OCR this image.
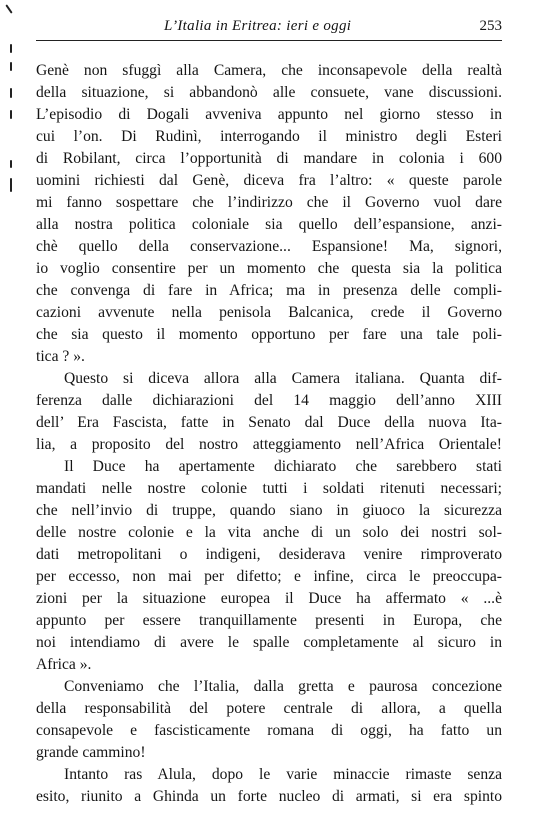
L’Italia in Eritrea: ieri e oggi	253
Genè non sfuggì alla Camera, che inconsapevole della realtà
della situazione, si abbandonò alle consuete, vane discussioni.
L’episodio di Dogali avveniva appunto nel giorno stesso in
cui l’on. Di Rudinì, interrogando il ministro degli Esteri
di Robilant, circa l’opportunità di mandare in colonia i 600
uomini richiesti dal Genè, diceva fra l’altro: « queste parole
mi fanno sospettare che l’indirizzo che il Governo vuol dare
alla nostra politica coloniale sia quello dell’espansione, anzi-
chè quello della conservazione... Espansione! Ma, signori,
io voglio consentire per un momento che questa sia la politica
che convenga di fare in Africa; ma in presenza delle compli-
cazioni avvenute nella penisola Balcanica, crede il Governo
che sia questo il momento opportuno per fare una tale poli-
tica ? ».
Questo si diceva allora alla Camera italiana. Quanta dif-
ferenza dalle dichiarazioni del 14 maggio dell’anno XIII
dell’ Era Fascista, fatte in Senato dal Duce della nuova Ita-
lia, a proposito del nostro atteggiamento nell’Africa Orientale!
Il Duce ha apertamente dichiarato che sarebbero stati
mandati nelle nostre colonie tutti i soldati ritenuti necessari;
che nell’invio di truppe, quando siano in giuoco la sicurezza
delle nostre colonie e la vita anche di un solo dei nostri sol-
dati metropolitani o indigeni, desiderava venire rimproverato
per eccesso, non mai per difetto; e infine, circa le preoccupa-
zioni per la situazione europea il Duce ha affermato « ...è
appunto per essere tranquillamente presenti in Europa, che
noi intendiamo di avere le spalle completamente al sicuro in
Africa ».
Conveniamo che l’Italia, dalla gretta e paurosa concezione
della responsabilità del potere centrale di allora, a quella
consapevole e fascisticamente romana di oggi, ha fatto un
grande cammino!
Intanto ras Alula, dopo le varie minaccie rimaste senza
esito, riunito a Ghinda un forte nucleo di armati, si era spinto
